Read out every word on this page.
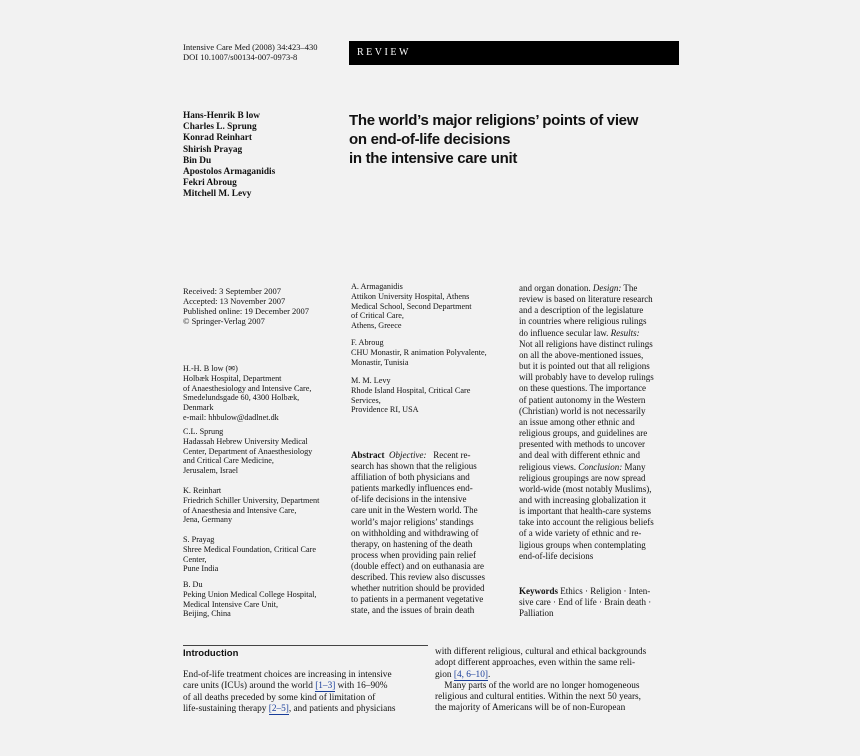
Intensive Care Med (2008) 34:423–430
DOI 10.1007/s00134-007-0973-8	REVIEW
Hans-Henrik B low
Charles L. Sprung
Konrad Reinhart
Shirish Prayag
Bin Du
Apostolos Armaganidis
Fekri Abroug
Mitchell M. Levy
The world’s major religions’ points of view
on end-of-life decisions
in the intensive care unit
Received: 3 September 2007
Accepted: 13 November 2007
Published online: 19 December 2007
© Springer-Verlag 2007
H.-H. B low (✉)
Holbæk Hospital, Department
of Anaesthesiology and Intensive Care,
Smedelundsgade 60, 4300 Holbæk,
Denmark
e-mail: hhbulow@dadlnet.dk
C.L. Sprung
Hadassah Hebrew University Medical
Center, Department of Anaesthesiology
and Critical Care Medicine,
Jerusalem, Israel
K. Reinhart
Friedrich Schiller University, Department
of Anaesthesia and Intensive Care,
Jena, Germany
S. Prayag
Shree Medical Foundation, Critical Care
Center,
Pune India
B. Du
Peking Union Medical College Hospital,
Medical Intensive Care Unit,
Beijing, China
A. Armaganidis
Attikon University Hospital, Athens
Medical School, Second Department
of Critical Care,
Athens, Greece
F. Abroug
CHU Monastir, R animation Polyvalente,
Monastir, Tunisia
M. M. Levy
Rhode Island Hospital, Critical Care
Services,
Providence RI, USA
Abstract Objective: Recent re-
search has shown that the religious
affiliation of both physicians and
patients markedly influences end-
of-life decisions in the intensive
care unit in the Western world. The
world’s major religions’ standings
on withholding and withdrawing of
therapy, on hastening of the death
process when providing pain relief
(double effect) and on euthanasia are
described. This review also discusses
whether nutrition should be provided
to patients in a permanent vegetative
state, and the issues of brain death
and organ donation. Design: The
review is based on literature research
and a description of the legislature
in countries where religious rulings
do influence secular law. Results:
Not all religions have distinct rulings
on all the above-mentioned issues,
but it is pointed out that all religions
will probably have to develop rulings
on these questions. The importance
of patient autonomy in the Western
(Christian) world is not necessarily
an issue among other ethnic and
religious groups, and guidelines are
presented with methods to uncover
and deal with different ethnic and
religious views. Conclusion: Many
religious groupings are now spread
world-wide (most notably Muslims),
and with increasing globalization it
is important that health-care systems
take into account the religious beliefs
of a wide variety of ethnic and re-
ligious groups when contemplating
end-of-life decisions
Keywords Ethics · Religion · Inten-
sive care · End of life · Brain death ·
Palliation
Introduction
End-of-life treatment choices are increasing in intensive
care units (ICUs) around the world [1–3] with 16–90%
of all deaths preceded by some kind of limitation of
life-sustaining therapy [2–5], and patients and physicians
with different religious, cultural and ethical backgrounds
adopt different approaches, even within the same reli-
gion [4, 6–10].
Many parts of the world are no longer homogeneous
religious and cultural entities. Within the next 50 years,
the majority of Americans will be of non-European
